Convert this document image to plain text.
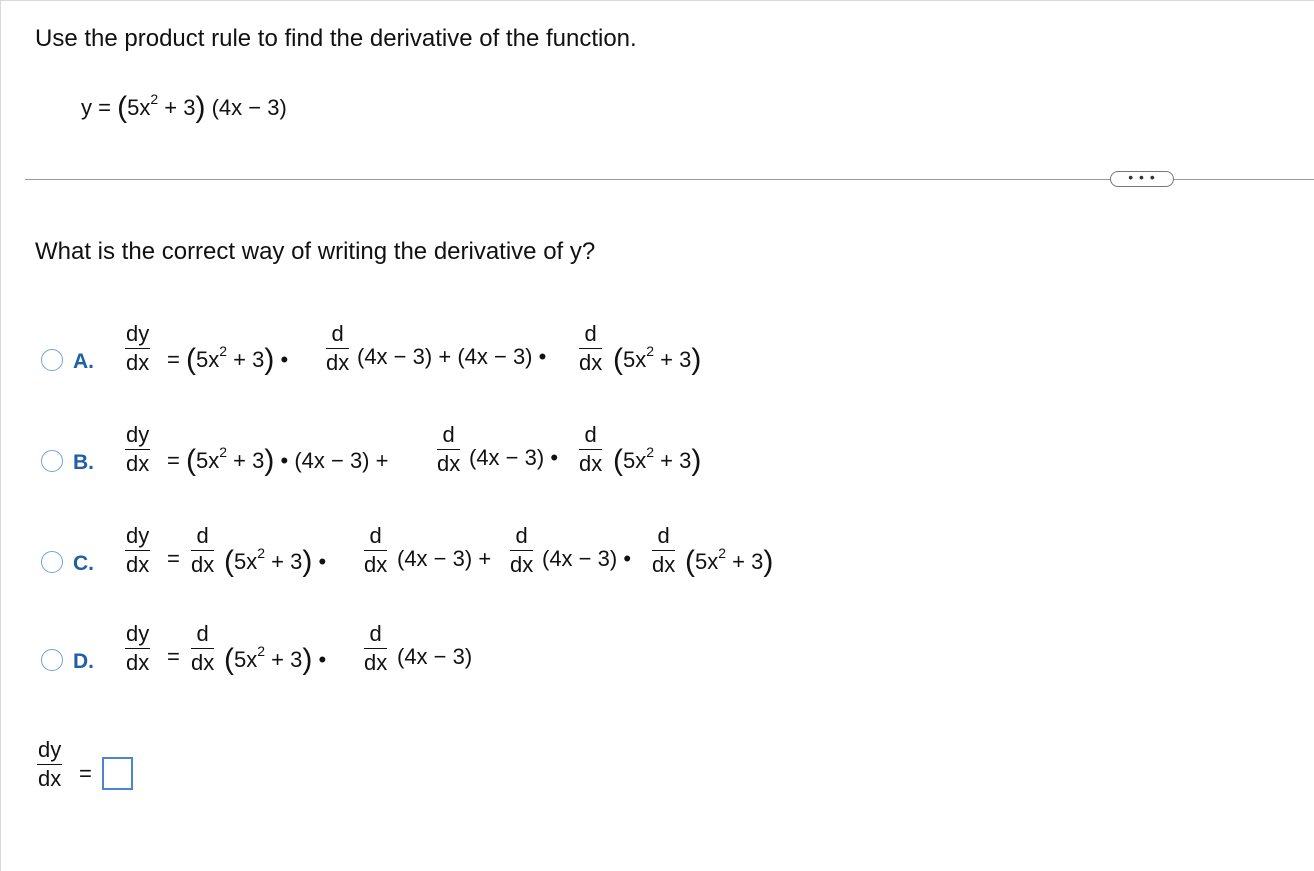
Use the product rule to find the derivative of the function.
$y = (5x^2 + 3) (4x - 3)$
• • •
What is the correct way of writing the derivative of y?
A.
dy
dx = $(5x^2 + 3)$ •
d
dx (4x − 3) + (4x − 3) •
d
dx $(5x^2 + 3)$
B.
dy
dx = $(5x^2 + 3)$ • (4x − 3) +
d
dx (4x − 3) •
d
dx $(5x^2 + 3)$
C.
dy
dx =
d
dx $(5x^2 + 3)$ •
d
dx (4x − 3) +
d
dx (4x − 3) •
d
dx $(5x^2 + 3)$
D.
dy
dx =
d
dx $(5x^2 + 3)$ •
d
dx (4x − 3)
dy
dx =
